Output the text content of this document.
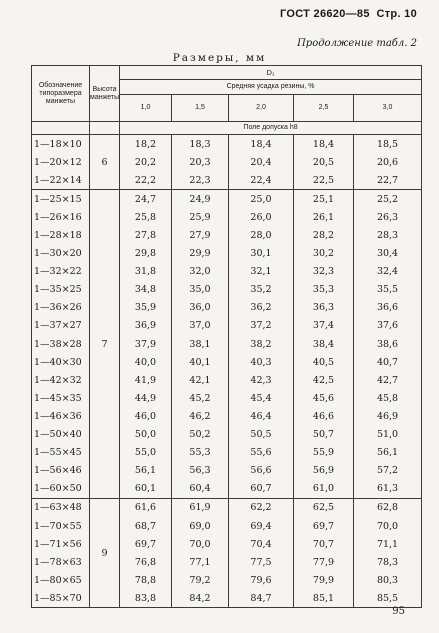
ГОСТ 26620—85 Стр. 10
Продолжение табл. 2
Размеры, мм
Обозначение типоразмера манжеты	Высота манжеты	D₁				
		Средняя усадка резины, %				
		1,0	1,5	2,0	2,5	3,0
		Поле допуска h8				
1—18×10	6	18,2	18,3	18,4	18,4	18,5
1—20×12		20,2	20,3	20,4	20,5	20,6
1—22×14		22,2	22,3	22,4	22,5	22,7
1—25×15	7	24,7	24,9	25,0	25,1	25,2
1—26×16		25,8	25,9	26,0	26,1	26,3
1—28×18		27,8	27,9	28,0	28,2	28,3
1—30×20		29,8	29,9	30,1	30,2	30,4
1—32×22		31,8	32,0	32,1	32,3	32,4
1—35×25		34,8	35,0	35,2	35,3	35,5
1—36×26		35,9	36,0	36,2	36,3	36,6
1—37×27		36,9	37,0	37,2	37,4	37,6
1—38×28		37,9	38,1	38,2	38,4	38,6
1—40×30		40,0	40,1	40,3	40,5	40,7
1—42×32		41,9	42,1	42,3	42,5	42,7
1—45×35		44,9	45,2	45,4	45,6	45,8
1—46×36		46,0	46,2	46,4	46,6	46,9
1—50×40		50,0	50,2	50,5	50,7	51,0
1—55×45		55,0	55,3	55,6	55,9	56,1
1—56×46		56,1	56,3	56,6	56,9	57,2
1—60×50		60,1	60,4	60,7	61,0	61,3
1—63×48	9	61,6	61,9	62,2	62,5	62,8
1—70×55		68,7	69,0	69,4	69,7	70,0
1—71×56		69,7	70,0	70,4	70,7	71,1
1—78×63		76,8	77,1	77,5	77,9	78,3
1—80×65		78,8	79,2	79,6	79,9	80,3
1—85×70		83,8	84,2	84,7	85,1	85,5
95
